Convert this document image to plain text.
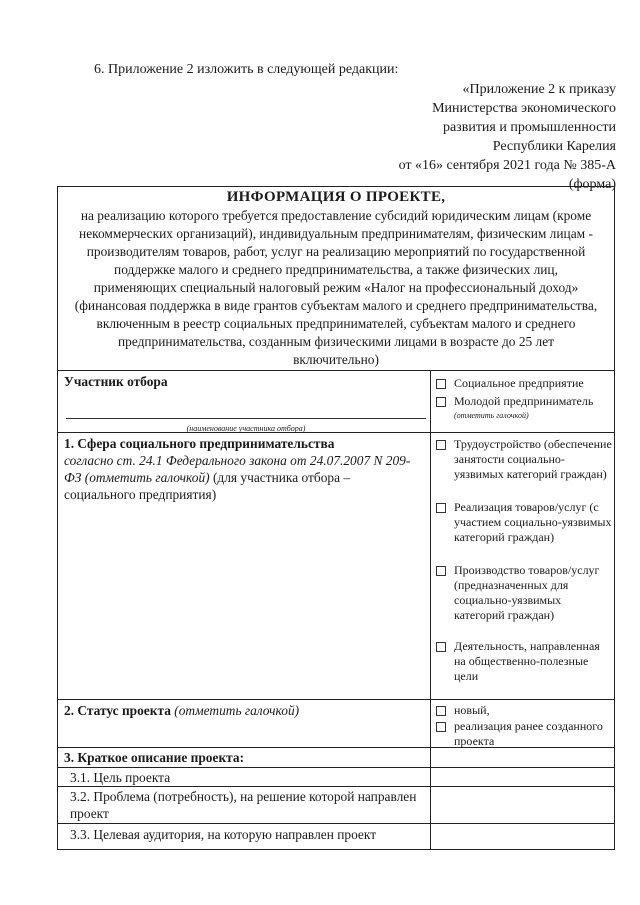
6. Приложение 2 изложить в следующей редакции:
«Приложение 2 к приказу
Министерства экономического
развития и промышленности
Республики Карелия
от «16» сентября 2021 года № 385-А
(форма)
ИНФОРМАЦИЯ О ПРОЕКТЕ,
на реализацию которого требуется предоставление субсидий юридическим лицам (кроме
некоммерческих организаций), индивидуальным предпринимателям, физическим лицам -
производителям товаров, работ, услуг на реализацию мероприятий по государственной
поддержке малого и среднего предпринимательства, а также физических лиц,
применяющих специальный налоговый режим «Налог на профессиональный доход»
(финансовая поддержка в виде грантов субъектам малого и среднего предпринимательства,
включенным в реестр социальных предпринимателей, субъектам малого и среднего
предпринимательства, созданным физическими лицами в возрасте до 25 лет
включительно)
Участник отбора
(наименование участника отбора)
Социальное предприятие
Молодой предприниматель
(отметить галочкой)
1. Сфера социального предпринимательства
согласно ст. 24.1 Федерального закона от 24.07.2007 N 209-ФЗ (отметить галочкой) (для участника отбора – социального предприятия)
Трудоустройство (обеспечение занятости социально-уязвимых категорий граждан)
Реализация товаров/услуг (с участием социально-уязвимых категорий граждан)
Производство товаров/услуг (предназначенных для социально-уязвимых категорий граждан)
Деятельность, направленная на общественно-полезные цели
2. Статус проекта (отметить галочкой)	новый,
реализация ранее созданного проекта
3. Краткое описание проекта:
3.1. Цель проекта
3.2. Проблема (потребность), на решение которой направлен проект
3.3. Целевая аудитория, на которую направлен проект
